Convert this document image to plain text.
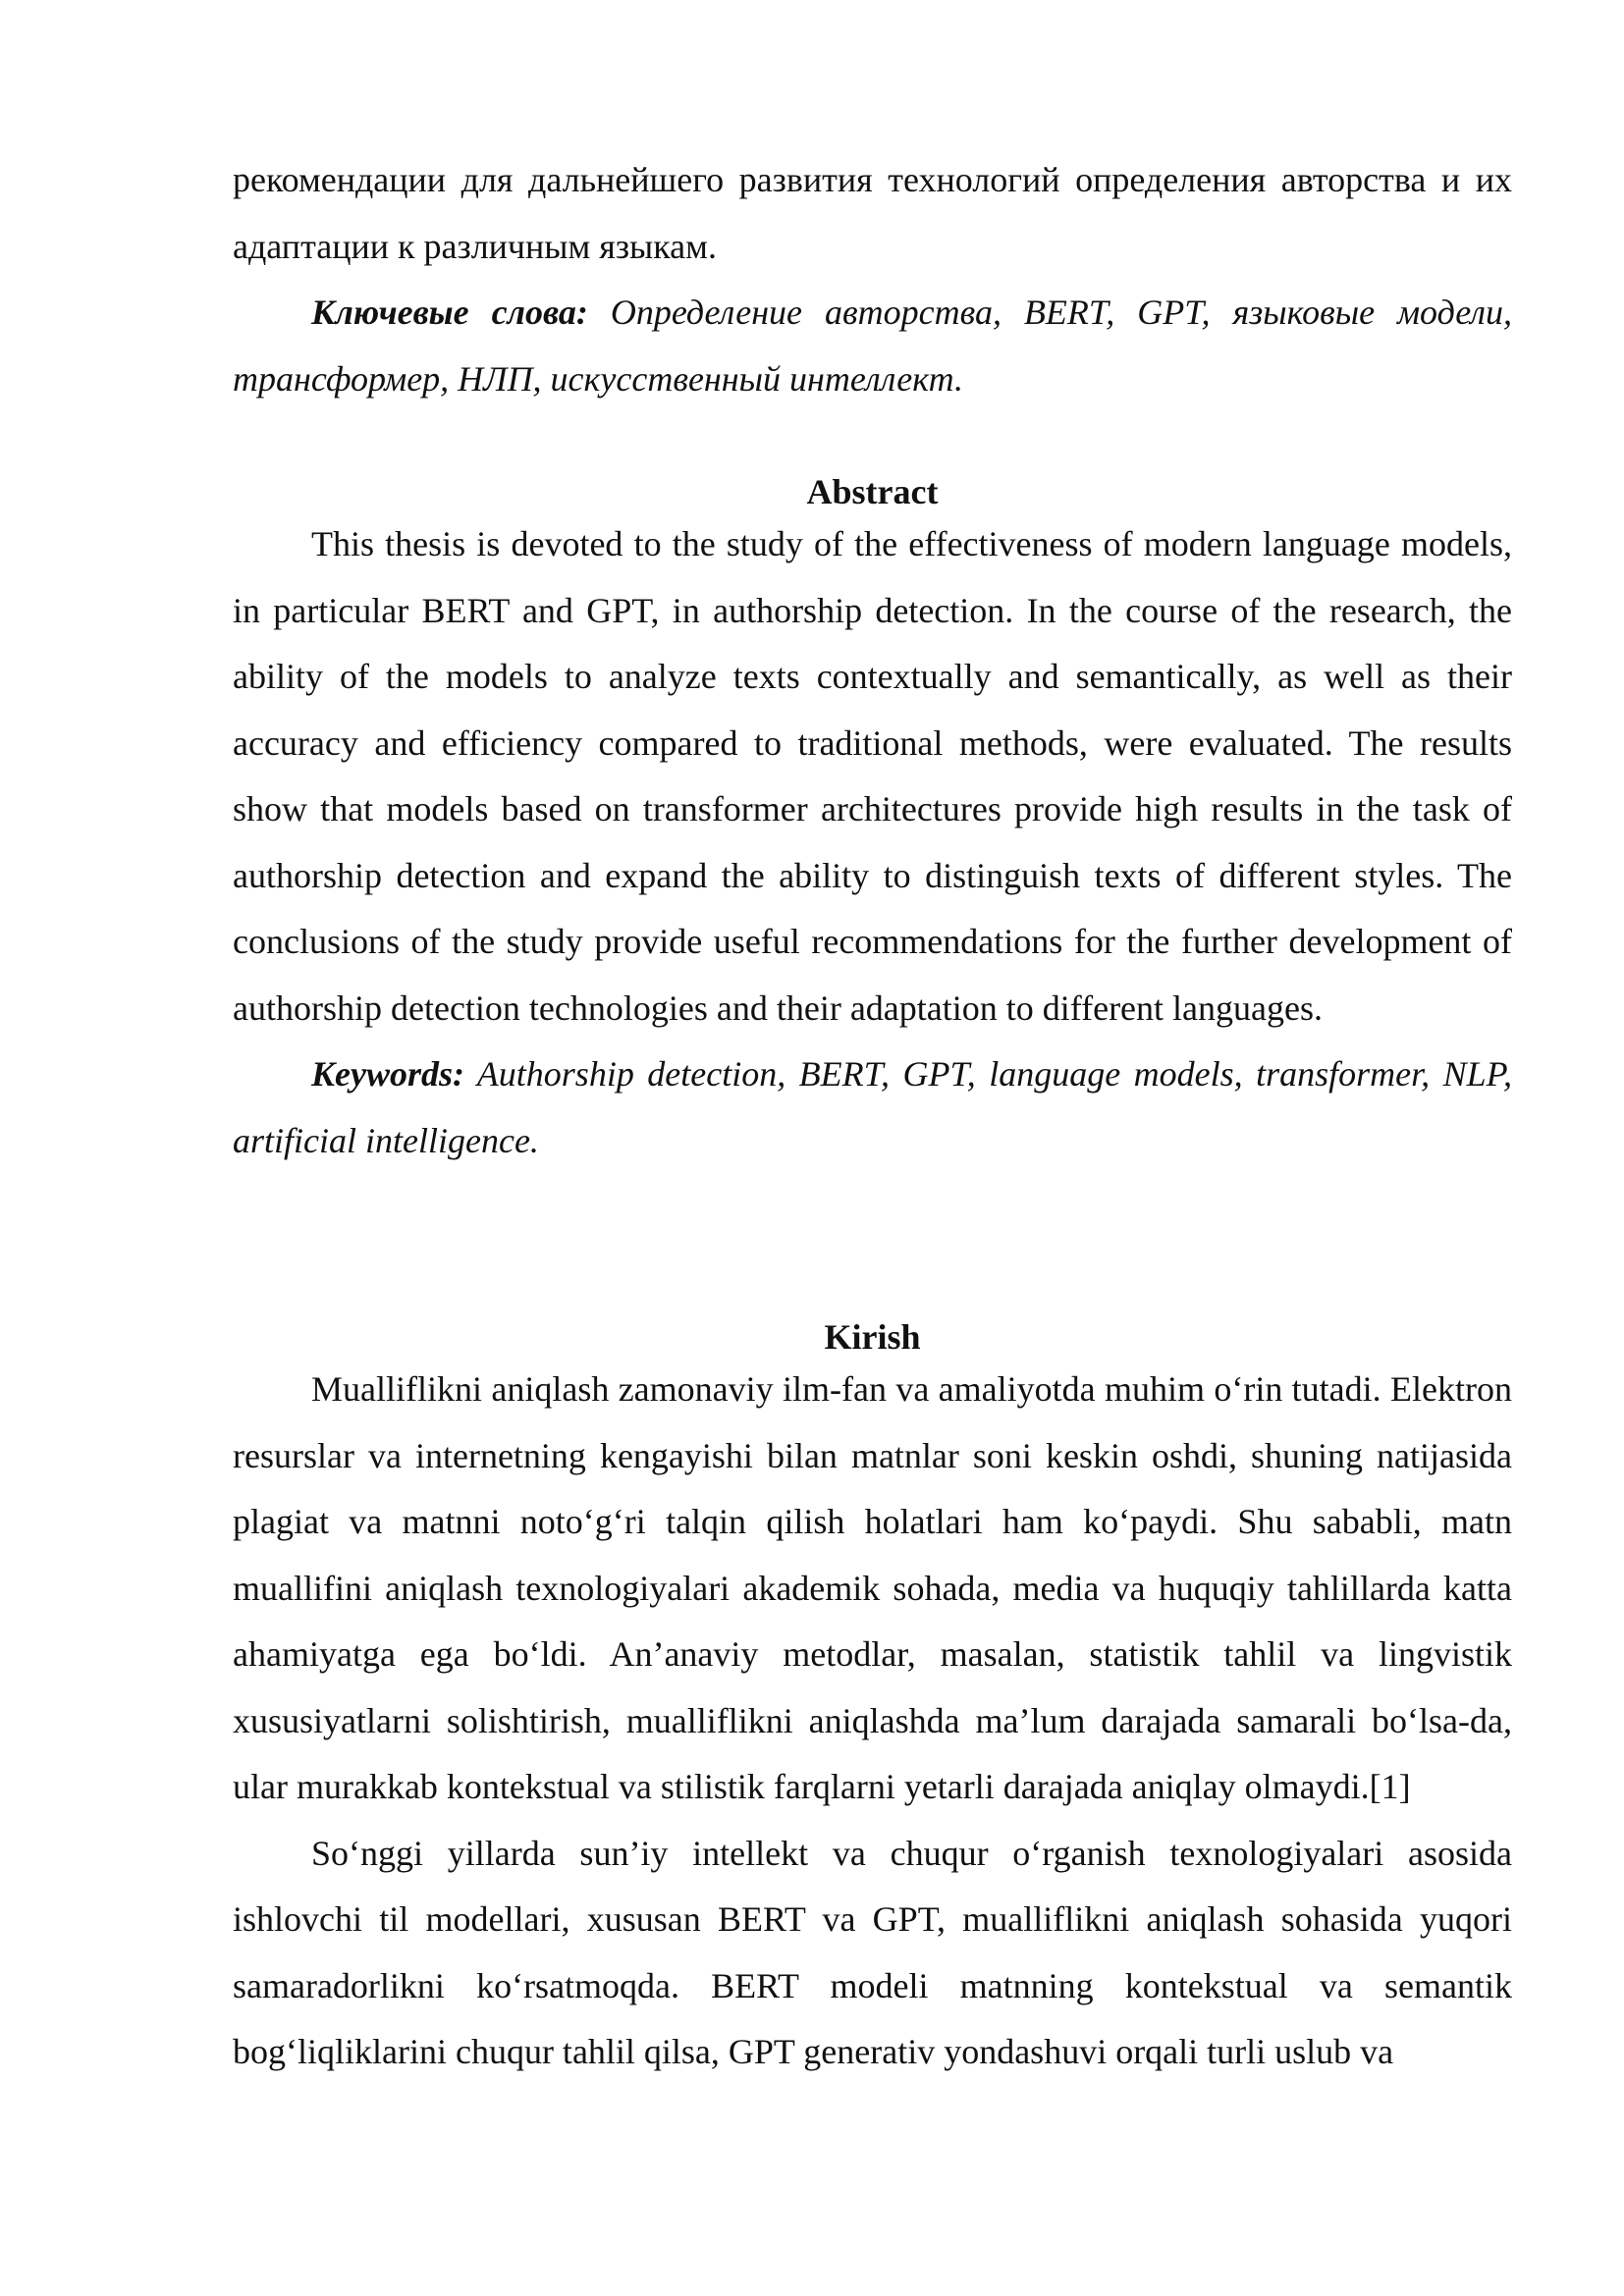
рекомендации для дальнейшего развития технологий определения авторства и их адаптации к различным языкам.

Ключевые слова: Определение авторства, BERT, GPT, языковые модели, трансформер, НЛП, искусственный интеллект.

Abstract

This thesis is devoted to the study of the effectiveness of modern language models, in particular BERT and GPT, in authorship detection. In the course of the research, the ability of the models to analyze texts contextually and semantically, as well as their accuracy and efficiency compared to traditional methods, were evaluated. The results show that models based on transformer architectures provide high results in the task of authorship detection and expand the ability to distinguish texts of different styles. The conclusions of the study provide useful recommendations for the further development of authorship detection technologies and their adaptation to different languages.

Keywords: Authorship detection, BERT, GPT, language models, transformer, NLP, artificial intelligence.

Kirish

Mualliflikni aniqlash zamonaviy ilm-fan va amaliyotda muhim o‘rin tutadi. Elektron resurslar va internetning kengayishi bilan matnlar soni keskin oshdi, shuning natijasida plagiat va matnni noto‘g‘ri talqin qilish holatlari ham ko‘paydi. Shu sababli, matn muallifini aniqlash texnologiyalari akademik sohada, media va huquqiy tahlillarda katta ahamiyatga ega bo‘ldi. An’anaviy metodlar, masalan, statistik tahlil va lingvistik xususiyatlarni solishtirish, mualliflikni aniqlashda ma’lum darajada samarali bo‘lsa-da, ular murakkab kontekstual va stilistik farqlarni yetarli darajada aniqlay olmaydi.[1]

So‘nggi yillarda sun’iy intellekt va chuqur o‘rganish texnologiyalari asosida ishlovchi til modellari, xususan BERT va GPT, mualliflikni aniqlash sohasida yuqori samaradorlikni ko‘rsatmoqda. BERT modeli matnning kontekstual va semantik bog‘liqliklarini chuqur tahlil qilsa, GPT generativ yondashuvi orqali turli uslub va
